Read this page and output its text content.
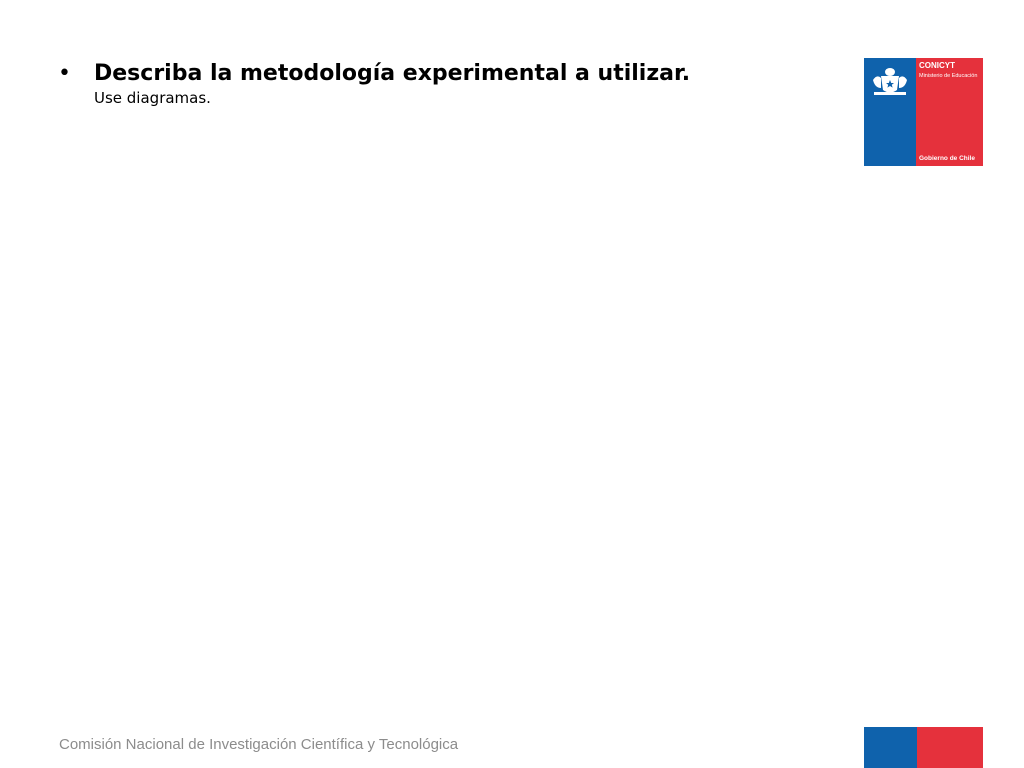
•	Describa la metodología experimental a utilizar.
Use diagramas.
CONICYT
Ministerio de Educación
Gobierno de Chile
Comisión Nacional de Investigación Científica y Tecnológica
